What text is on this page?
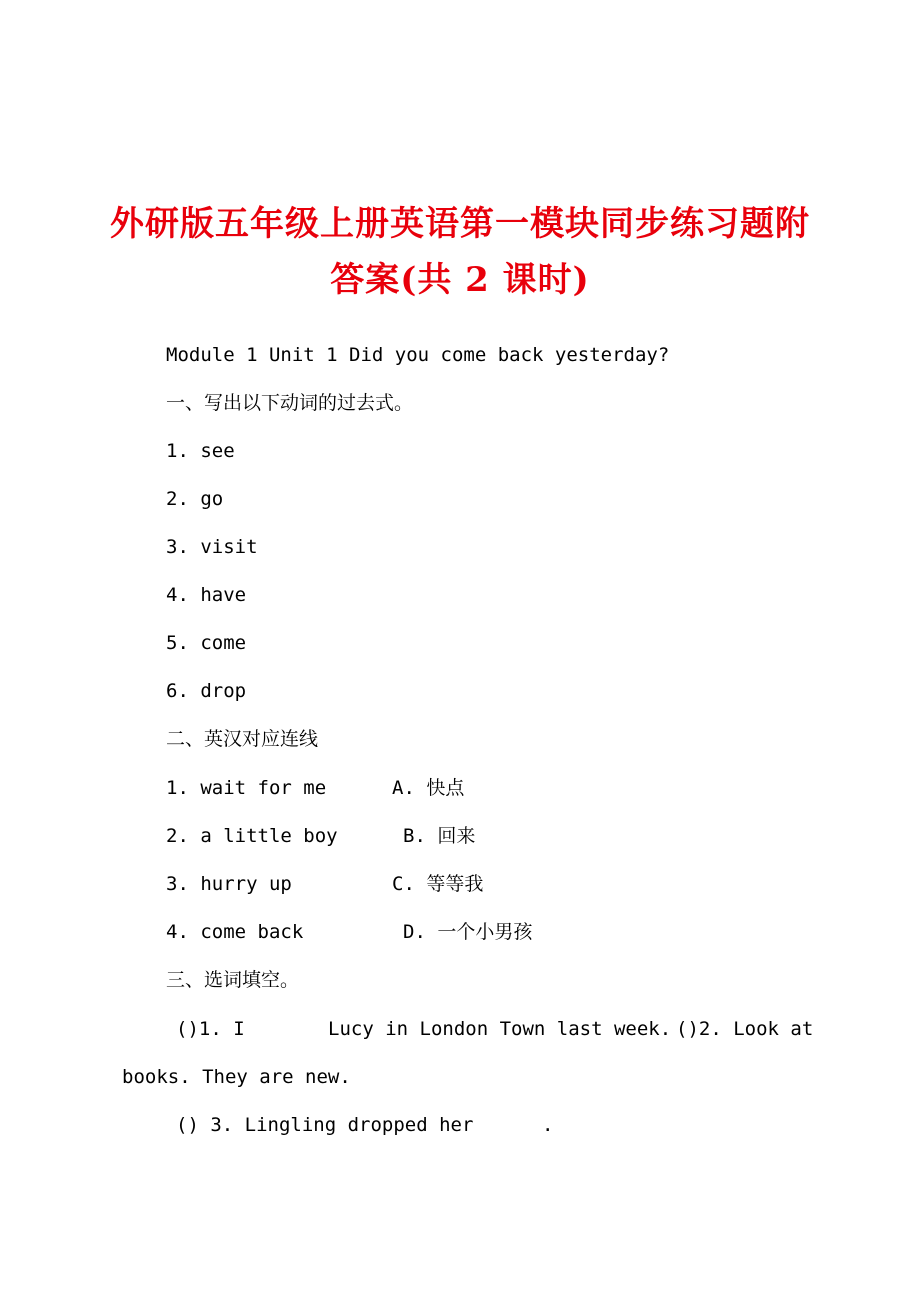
外研版五年级上册英语第一模块同步练习题附
答案(共 2 课时)
Module 1 Unit 1 Did you come back yesterday?
一、写出以下动词的过去式。
1. see
2. go
3. visit
4. have
5. come
6. drop
二、英汉对应连线
1. wait for me	A. 快点
2. a little boy	B. 回来
3. hurry up	C. 等等我
4. come back	D. 一个小男孩
三、选词填空。
()1. I	Lucy in London Town last week. ()2. Look at
books. They are new.
() 3. Lingling dropped her	.
